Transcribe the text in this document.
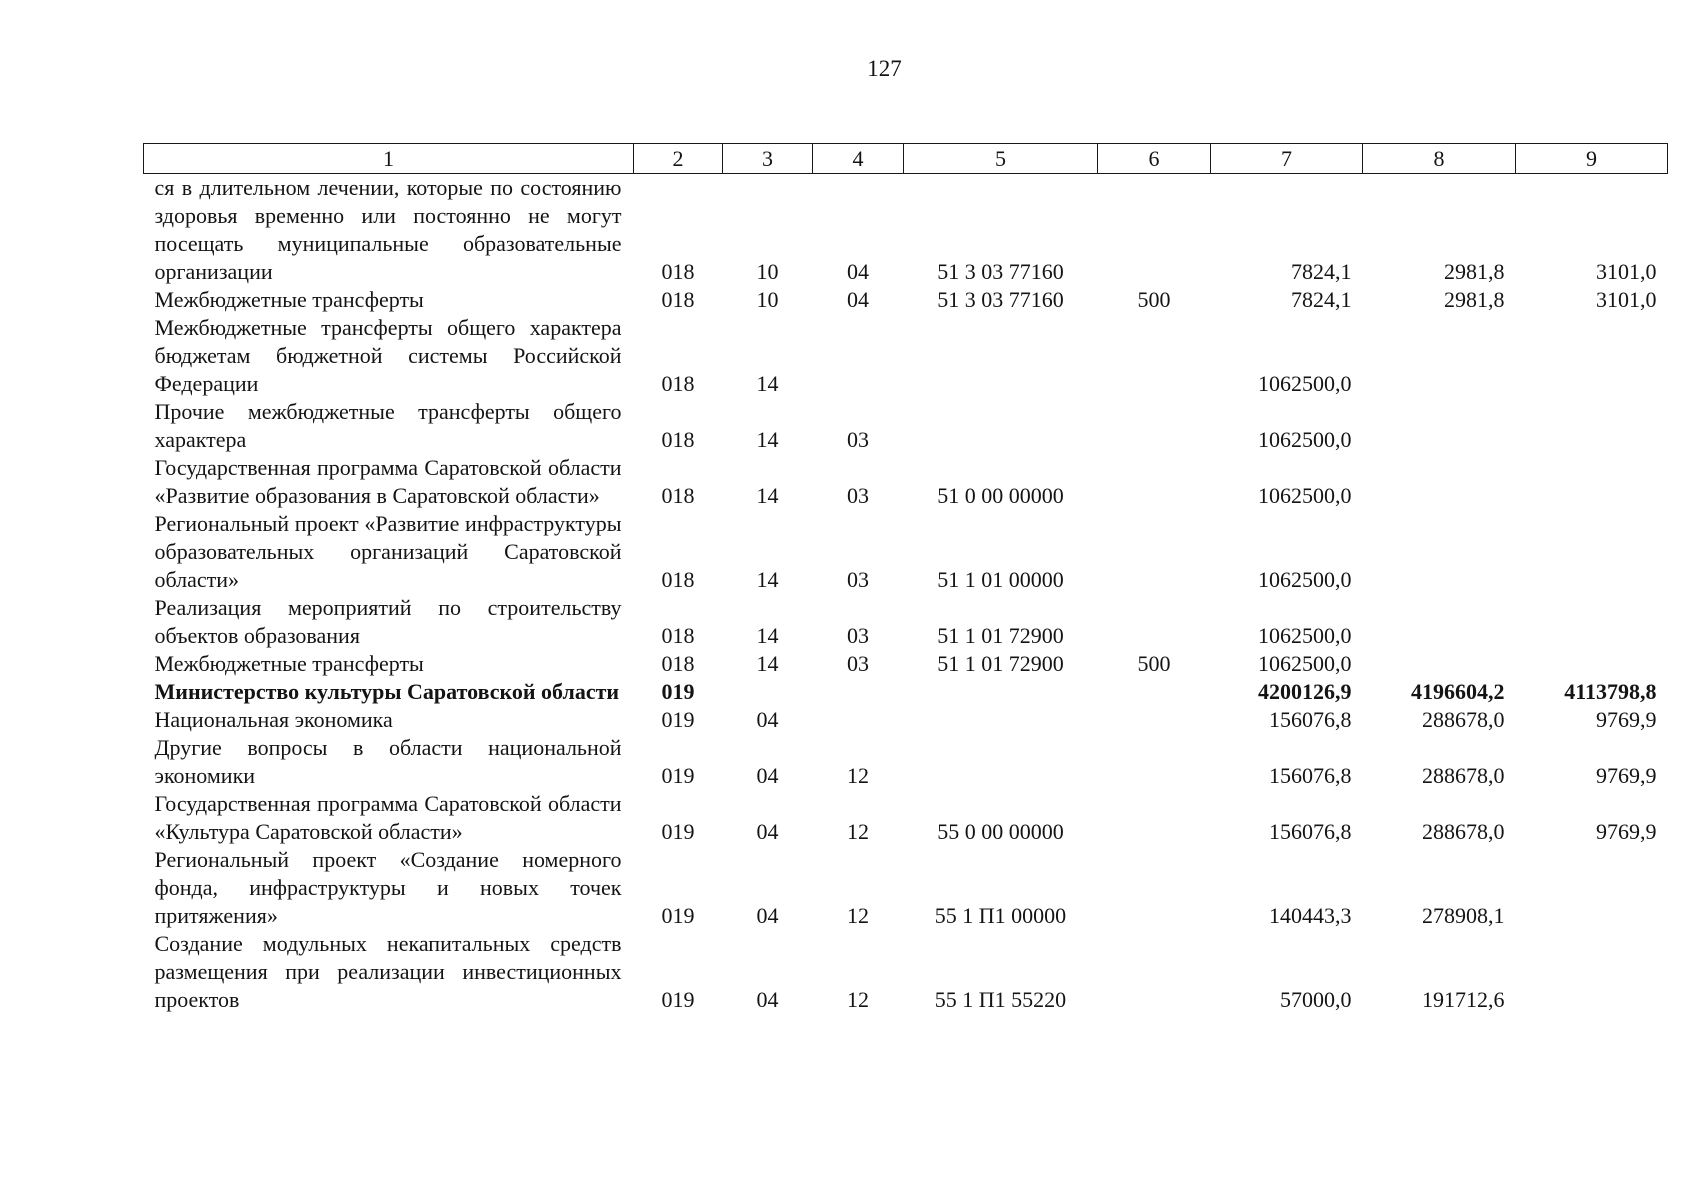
127
1	2	3	4	5	6	7	8	9
ся в длительном лечении, которые по состоянию здоровья временно или постоянно не могут посещать муниципальные образовательные организации	018	10	04	51 3 03 77160		7824,1	2981,8	3101,0
Межбюджетные трансферты	018	10	04	51 3 03 77160	500	7824,1	2981,8	3101,0
Межбюджетные трансферты общего характера бюджетам бюджетной системы Российской Федерации	018	14				1062500,0		
Прочие межбюджетные трансферты общего характера	018	14	03			1062500,0		
Государственная программа Саратовской области «Развитие образования в Саратовской области»	018	14	03	51 0 00 00000		1062500,0		
Региональный проект «Развитие инфраструктуры образовательных организаций Саратовской области»	018	14	03	51 1 01 00000		1062500,0		
Реализация мероприятий по строительству объектов образования	018	14	03	51 1 01 72900		1062500,0		
Межбюджетные трансферты	018	14	03	51 1 01 72900	500	1062500,0		
Министерство культуры Саратовской области	019					4200126,9	4196604,2	4113798,8
Национальная экономика	019	04				156076,8	288678,0	9769,9
Другие вопросы в области национальной экономики	019	04	12			156076,8	288678,0	9769,9
Государственная программа Саратовской области «Культура Саратовской области»	019	04	12	55 0 00 00000		156076,8	288678,0	9769,9
Региональный проект «Создание номерного фонда, инфраструктуры и новых точек притяжения»	019	04	12	55 1 П1 00000		140443,3	278908,1	
Создание модульных некапитальных средств размещения при реализации инвестиционных проектов	019	04	12	55 1 П1 55220		57000,0	191712,6	
